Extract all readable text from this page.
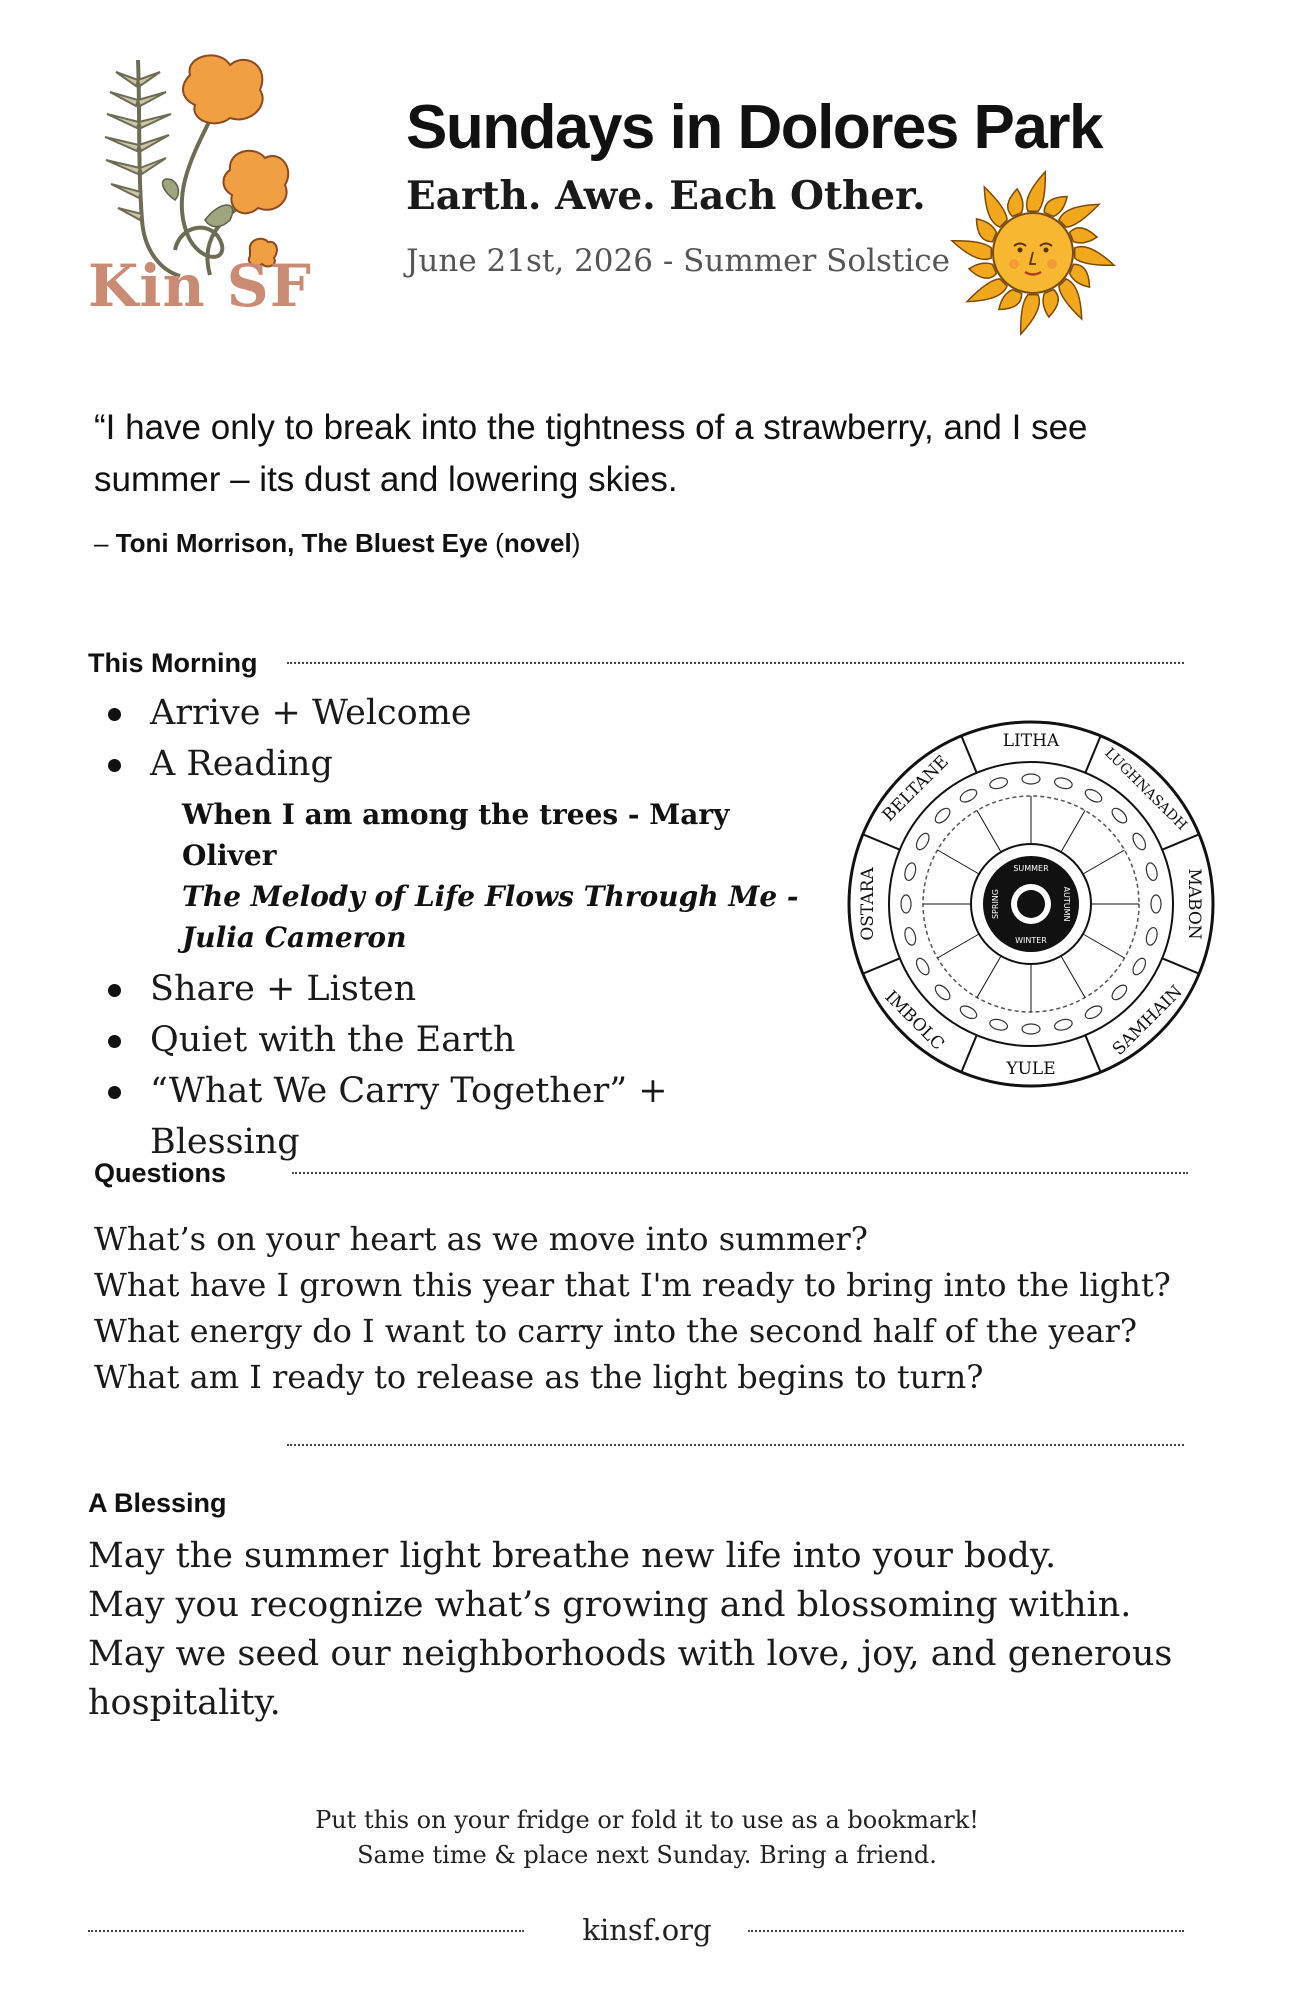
Kin SF
Sundays in Dolores Park
Earth. Awe. Each Other.
June 21st, 2026 - Summer Solstice
“I have only to break into the tightness of a strawberry, and I see summer – its dust and lowering skies.
– Toni Morrison, The Bluest Eye (novel)
This Morning
Arrive + Welcome
A Reading
When I am among the trees - Mary Oliver
The Melody of Life Flows Through Me -
Julia Cameron
Share + Listen
Quiet with the Earth
“What We Carry Together” + Blessing
LITHA
LUGHNASADH
MABON
SAMHAIN
YULE
IMBOLC
OSTARA
BELTANE
SUMMER
AUTUMN
WINTER
SPRING
Questions
What’s on your heart as we move into summer?
What have I grown this year that I'm ready to bring into the light?
What energy do I want to carry into the second half of the year?
What am I ready to release as the light begins to turn?
A Blessing
May the summer light breathe new life into your body.
May you recognize what’s growing and blossoming within.
May we seed our neighborhoods with love, joy, and generous hospitality.
Put this on your fridge or fold it to use as a bookmark!
Same time & place next Sunday. Bring a friend.
kinsf.org
